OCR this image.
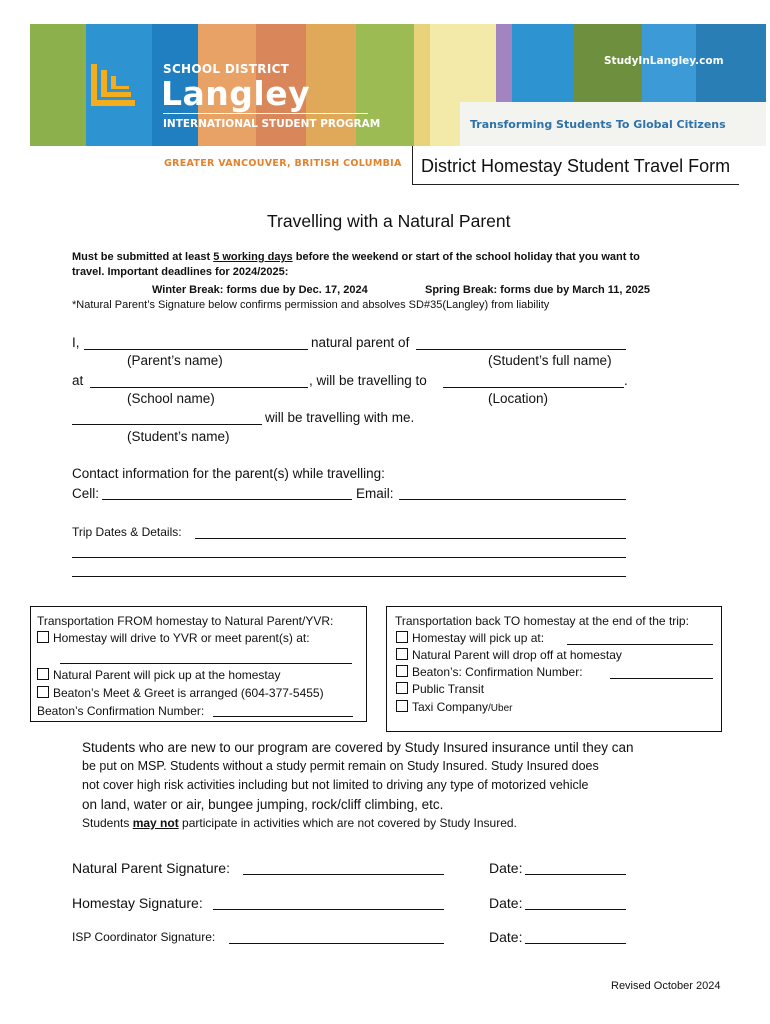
SCHOOL DISTRICT
Langley
INTERNATIONAL STUDENT PROGRAM
StudyInLangley.com
Transforming Students To Global Citizens
GREATER VANCOUVER, BRITISH COLUMBIA District Homestay Student Travel Form
Travelling with a Natural Parent
Must be submitted at least 5 working days before the weekend or start of the school holiday that you want to
travel. Important deadlines for 2024/2025:
Winter Break: forms due by Dec. 17, 2024	Spring Break: forms due by March 11, 2025
*Natural Parent’s Signature below confirms permission and absolves SD#35(Langley) from liability
I,	natural parent of
(Parent’s name)	(Student’s full name)
at	, will be travelling to	.
(School name)	(Location)
will be travelling with me.
(Student’s name)
Contact information for the parent(s) while travelling:
Cell:	Email:
Trip Dates & Details:
Transportation FROM homestay to Natural Parent/YVR:
Homestay will drive to YVR or meet parent(s) at:
Natural Parent will pick up at the homestay
Beaton’s Meet & Greet is arranged (604-377-5455)
Beaton’s Confirmation Number:
Transportation back TO homestay at the end of the trip:
Homestay will pick up at:
Natural Parent will drop off at homestay
Beaton’s: Confirmation Number:
Public Transit
Taxi Company/Uber
Students who are new to our program are covered by Study Insured insurance until they can
be put on MSP. Students without a study permit remain on Study Insured. Study Insured does
not cover high risk activities including but not limited to driving any type of motorized vehicle
on land, water or air, bungee jumping, rock/cliff climbing, etc.
Students may not participate in activities which are not covered by Study Insured.
Natural Parent Signature:	Date:
Homestay Signature:	Date:
ISP Coordinator Signature:	Date:
Revised October 2024
